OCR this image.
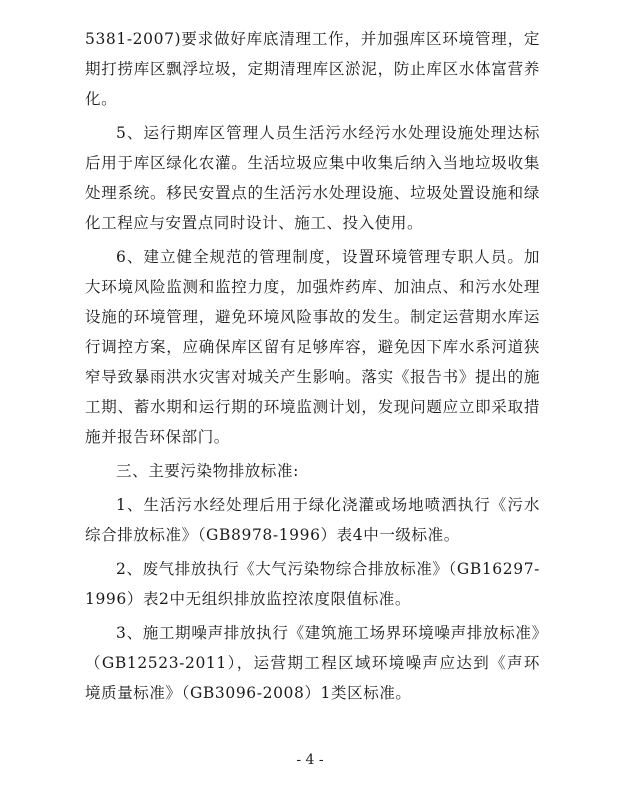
5381-2007)要求做好库底清理工作，并加强库区环境管理，定期打捞库区飘浮垃圾，定期清理库区淤泥，防止库区水体富营养化。

5、运行期库区管理人员生活污水经污水处理设施处理达标后用于库区绿化农灌。生活垃圾应集中收集后纳入当地垃圾收集处理系统。移民安置点的生活污水处理设施、垃圾处置设施和绿化工程应与安置点同时设计、施工、投入使用。

6、建立健全规范的管理制度，设置环境管理专职人员。加大环境风险监测和监控力度，加强炸药库、加油点、和污水处理设施的环境管理，避免环境风险事故的发生。制定运营期水库运行调控方案，应确保库区留有足够库容，避免因下库水系河道狭窄导致暴雨洪水灾害对城关产生影响。落实《报告书》提出的施工期、蓄水期和运行期的环境监测计划，发现问题应立即采取措施并报告环保部门。

三、主要污染物排放标准:

1、生活污水经处理后用于绿化浇灌或场地喷洒执行《污水综合排放标准》（GB8978-1996）表4中一级标准。

2、废气排放执行《大气污染物综合排放标准》（GB16297-1996）表2中无组织排放监控浓度限值标准。

3、施工期噪声排放执行《建筑施工场界环境噪声排放标准》（GB12523-2011），运营期工程区域环境噪声应达到《声环境质量标准》（GB3096-2008）1类区标准。

- 4 -
